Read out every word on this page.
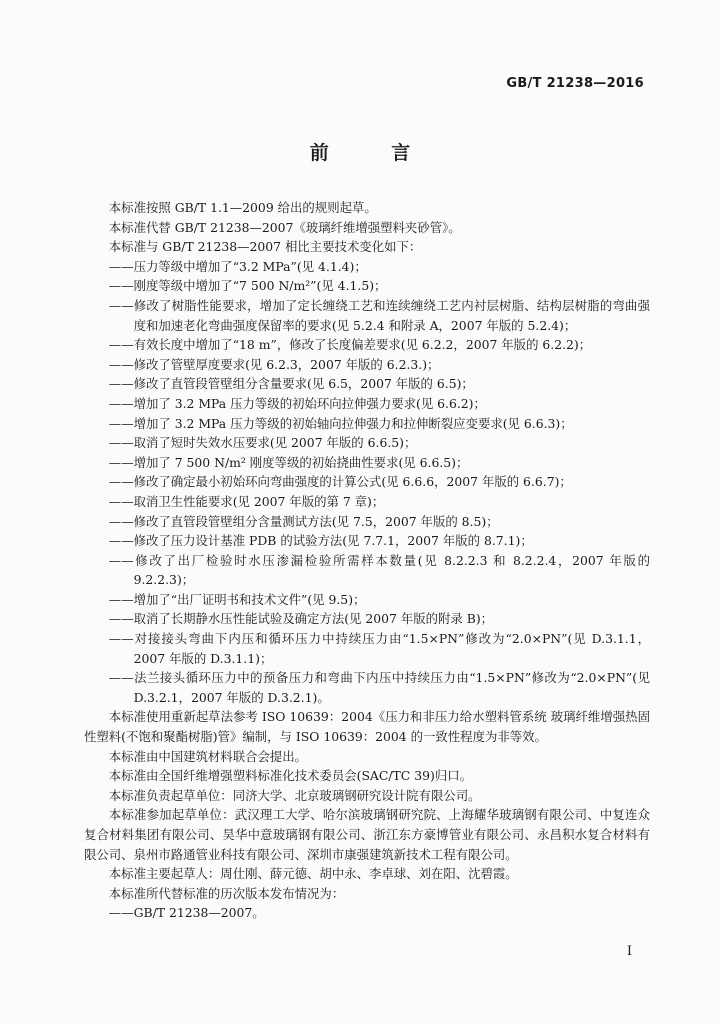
GB/T 21238—2016
前 言

本标准按照 GB/T 1.1—2009 给出的规则起草。

本标准代替 GB/T 21238—2007《玻璃纤维增强塑料夹砂管》。

本标准与 GB/T 21238—2007 相比主要技术变化如下：

——压力等级中增加了“3.2 MPa”(见 4.1.4)；

——刚度等级中增加了“7 500 N/m²”(见 4.1.5)；

——修改了树脂性能要求，增加了定长缠绕工艺和连续缠绕工艺内衬层树脂、结构层树脂的弯曲强度和加速老化弯曲强度保留率的要求(见 5.2.4 和附录 A，2007 年版的 5.2.4)；

——有效长度中增加了“18 m”，修改了长度偏差要求(见 6.2.2，2007 年版的 6.2.2)；

——修改了管壁厚度要求(见 6.2.3，2007 年版的 6.2.3.)；

——修改了直管段管壁组分含量要求(见 6.5，2007 年版的 6.5)；

——增加了 3.2 MPa 压力等级的初始环向拉伸强力要求(见 6.6.2)；

——增加了 3.2 MPa 压力等级的初始轴向拉伸强力和拉伸断裂应变要求(见 6.6.3)；

——取消了短时失效水压要求(见 2007 年版的 6.6.5)；

——增加了 7 500 N/m² 刚度等级的初始挠曲性要求(见 6.6.5)；

——修改了确定最小初始环向弯曲强度的计算公式(见 6.6.6，2007 年版的 6.6.7)；

——取消卫生性能要求(见 2007 年版的第 7 章)；

——修改了直管段管壁组分含量测试方法(见 7.5，2007 年版的 8.5)；

——修改了压力设计基准 PDB 的试验方法(见 7.7.1，2007 年版的 8.7.1)；

——修改了出厂检验时水压渗漏检验所需样本数量(见 8.2.2.3 和 8.2.2.4，2007 年版的 9.2.2.3)；

——增加了“出厂证明书和技术文件”(见 9.5)；

——取消了长期静水压性能试验及确定方法(见 2007 年版的附录 B)；

——对接接头弯曲下内压和循环压力中持续压力由“1.5×PN”修改为“2.0×PN”(见 D.3.1.1，2007 年版的 D.3.1.1)；

——法兰接头循环压力中的预备压力和弯曲下内压中持续压力由“1.5×PN”修改为“2.0×PN”(见 D.3.2.1，2007 年版的 D.3.2.1)。

本标准使用重新起草法参考 ISO 10639：2004《压力和非压力给水塑料管系统 玻璃纤维增强热固性塑料(不饱和聚酯树脂)管》编制，与 ISO 10639：2004 的一致性程度为非等效。

本标准由中国建筑材料联合会提出。

本标准由全国纤维增强塑料标准化技术委员会(SAC/TC 39)归口。

本标准负责起草单位：同济大学、北京玻璃钢研究设计院有限公司。

本标准参加起草单位：武汉理工大学、哈尔滨玻璃钢研究院、上海耀华玻璃钢有限公司、中复连众复合材料集团有限公司、昊华中意玻璃钢有限公司、浙江东方豪博管业有限公司、永昌积水复合材料有限公司、泉州市路通管业科技有限公司、深圳市康强建筑新技术工程有限公司。

本标准主要起草人：周仕刚、薛元德、胡中永、李卓球、刘在阳、沈碧霞。

本标准所代替标准的历次版本发布情况为：

——GB/T 21238—2007。

I
